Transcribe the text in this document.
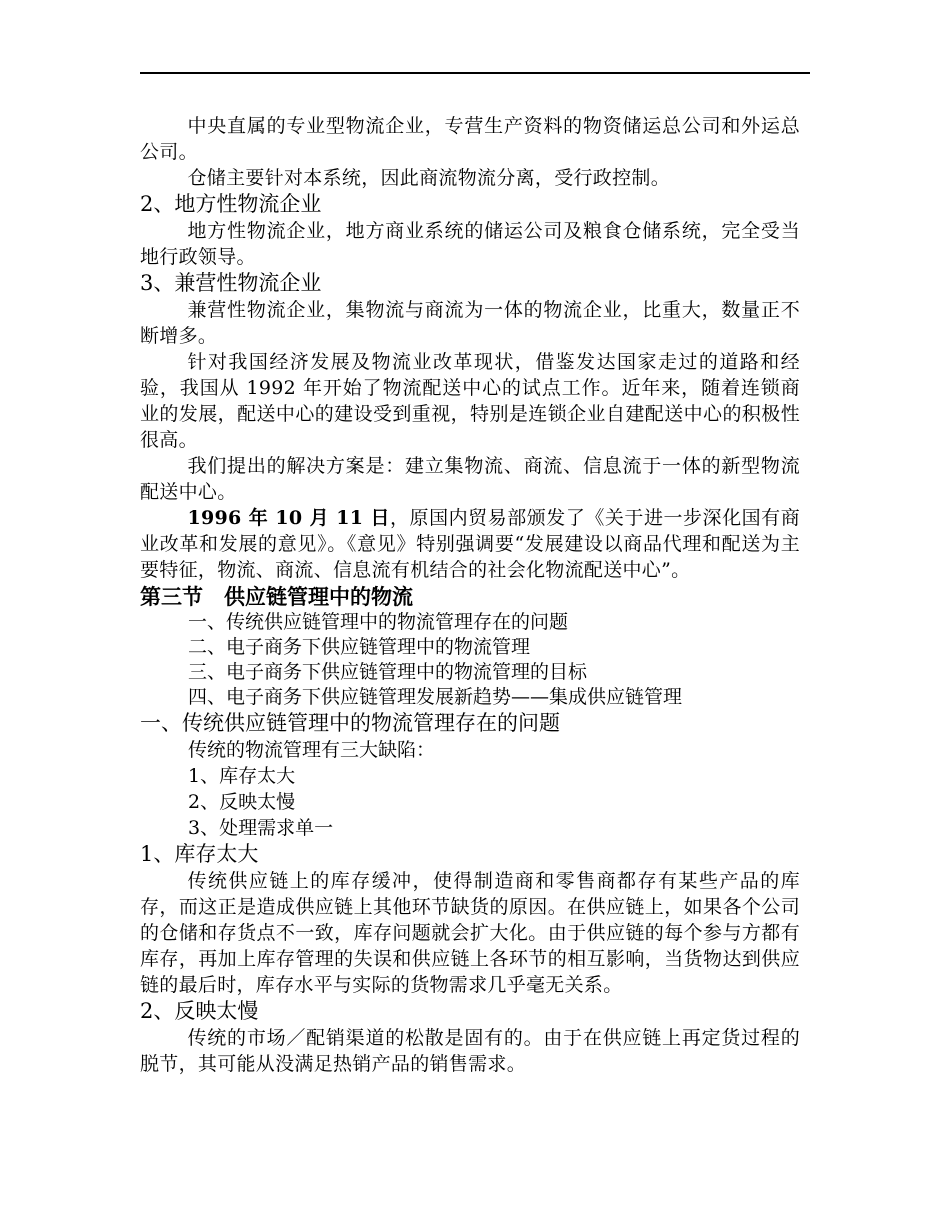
中央直属的专业型物流企业，专营生产资料的物资储运总公司和外运总公司。

仓储主要针对本系统，因此商流物流分离，受行政控制。

2、地方性物流企业

地方性物流企业，地方商业系统的储运公司及粮食仓储系统，完全受当地行政领导。

3、兼营性物流企业

兼营性物流企业，集物流与商流为一体的物流企业，比重大，数量正不断增多。

针对我国经济发展及物流业改革现状，借鉴发达国家走过的道路和经验，我国从 1992 年开始了物流配送中心的试点工作。近年来，随着连锁商业的发展，配送中心的建设受到重视，特别是连锁企业自建配送中心的积极性很高。

我们提出的解决方案是：建立集物流、商流、信息流于一体的新型物流配送中心。

1996 年 10 月 11 日，原国内贸易部颁发了《关于进一步深化国有商业改革和发展的意见》。《意见》特别强调要“发展建设以商品代理和配送为主要特征，物流、商流、信息流有机结合的社会化物流配送中心”。

第三节　供应链管理中的物流

一、传统供应链管理中的物流管理存在的问题

二、电子商务下供应链管理中的物流管理

三、电子商务下供应链管理中的物流管理的目标

四、电子商务下供应链管理发展新趋势——集成供应链管理

一、传统供应链管理中的物流管理存在的问题

传统的物流管理有三大缺陷：

1、库存太大

2、反映太慢

3、处理需求单一

1、库存太大

传统供应链上的库存缓冲，使得制造商和零售商都存有某些产品的库存，而这正是造成供应链上其他环节缺货的原因。在供应链上，如果各个公司的仓储和存货点不一致，库存问题就会扩大化。由于供应链的每个参与方都有库存，再加上库存管理的失误和供应链上各环节的相互影响，当货物达到供应链的最后时，库存水平与实际的货物需求几乎毫无关系。

2、反映太慢

传统的市场／配销渠道的松散是固有的。由于在供应链上再定货过程的脱节，其可能从没满足热销产品的销售需求。
